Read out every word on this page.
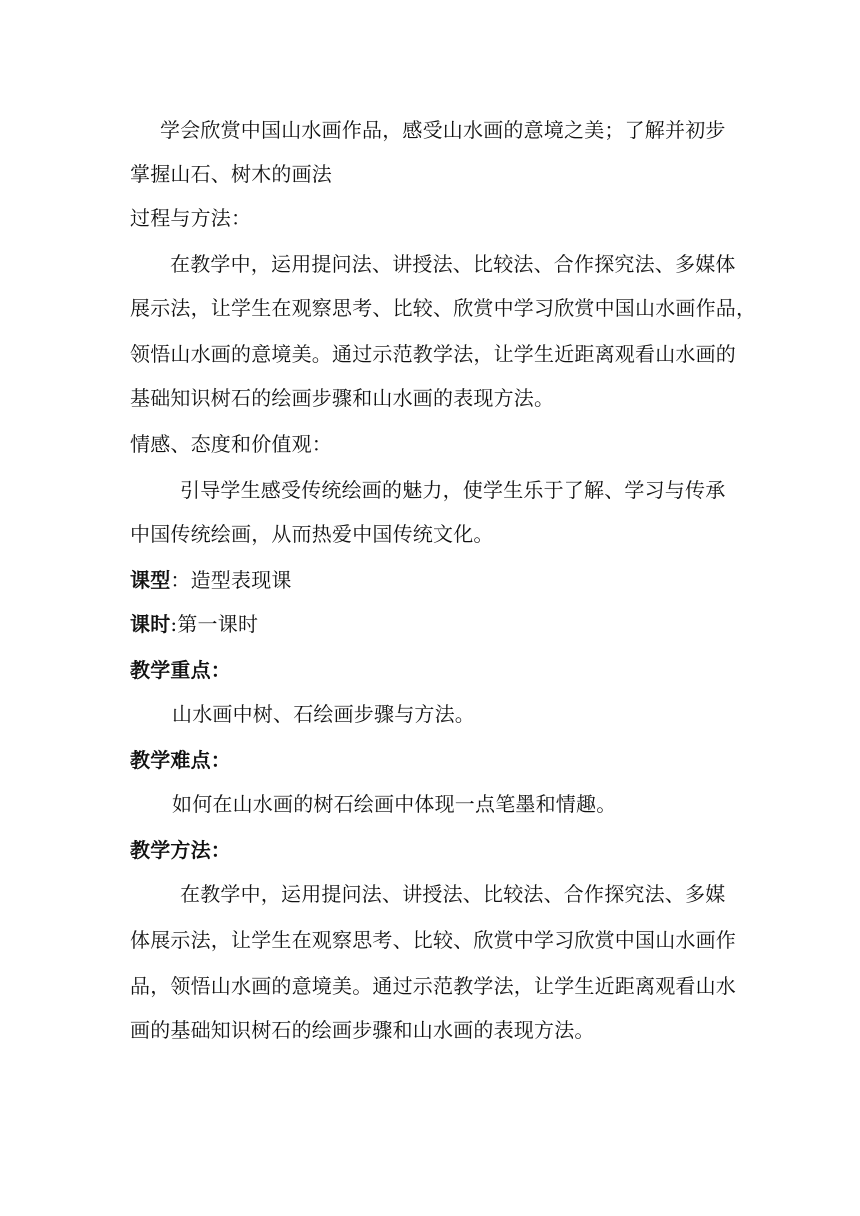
学会欣赏中国山水画作品，感受山水画的意境之美；了解并初步
掌握山石、树木的画法
过程与方法：
在教学中，运用提问法、讲授法、比较法、合作探究法、多媒体
展示法，让学生在观察思考、比较、欣赏中学习欣赏中国山水画作品，
领悟山水画的意境美。通过示范教学法，让学生近距离观看山水画的
基础知识树石的绘画步骤和山水画的表现方法。
情感、态度和价值观：
引导学生感受传统绘画的魅力，使学生乐于了解、学习与传承
中国传统绘画，从而热爱中国传统文化。
课型：造型表现课
课时:第一课时
教学重点：
山水画中树、石绘画步骤与方法。
教学难点：
如何在山水画的树石绘画中体现一点笔墨和情趣。
教学方法：
在教学中，运用提问法、讲授法、比较法、合作探究法、多媒
体展示法，让学生在观察思考、比较、欣赏中学习欣赏中国山水画作
品，领悟山水画的意境美。通过示范教学法，让学生近距离观看山水
画的基础知识树石的绘画步骤和山水画的表现方法。
